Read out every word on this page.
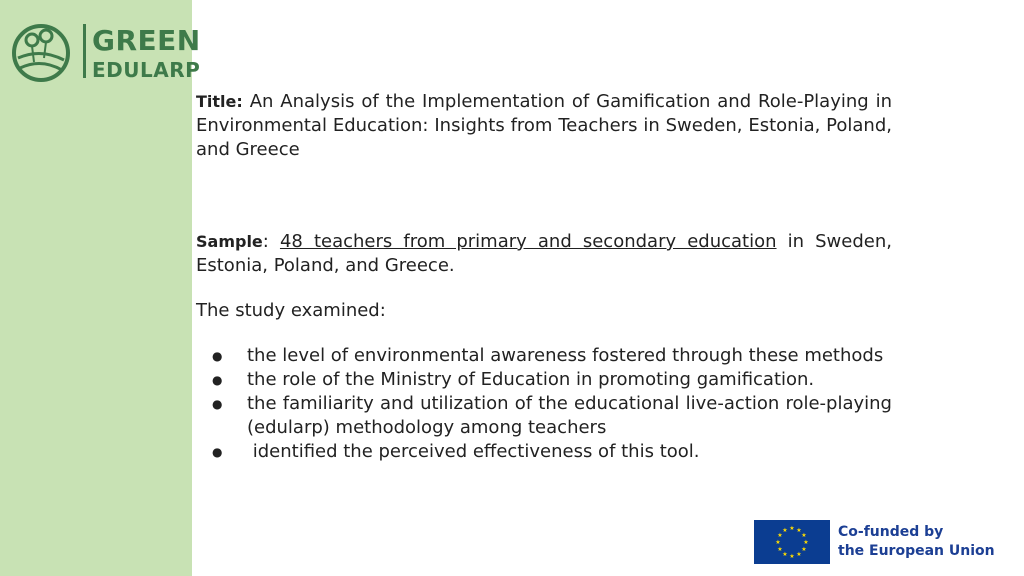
GREEN
EDULARP

Title: An Analysis of the Implementation of Gamification and Role-Playing in Environmental Education: Insights from Teachers in Sweden, Estonia, Poland, and Greece

Sample: 48 teachers from primary and secondary education in Sweden, Estonia, Poland, and Greece.

The study examined:

● the level of environmental awareness fostered through these methods
● the role of the Ministry of Education in promoting gamification.
● the familiarity and utilization of the educational live-action role-playing (edularp) methodology among teachers
● identified the perceived effectiveness of this tool.
★ ★
★
★
★
★
★
★
★
★
★
★	Co-funded by
the European Union
